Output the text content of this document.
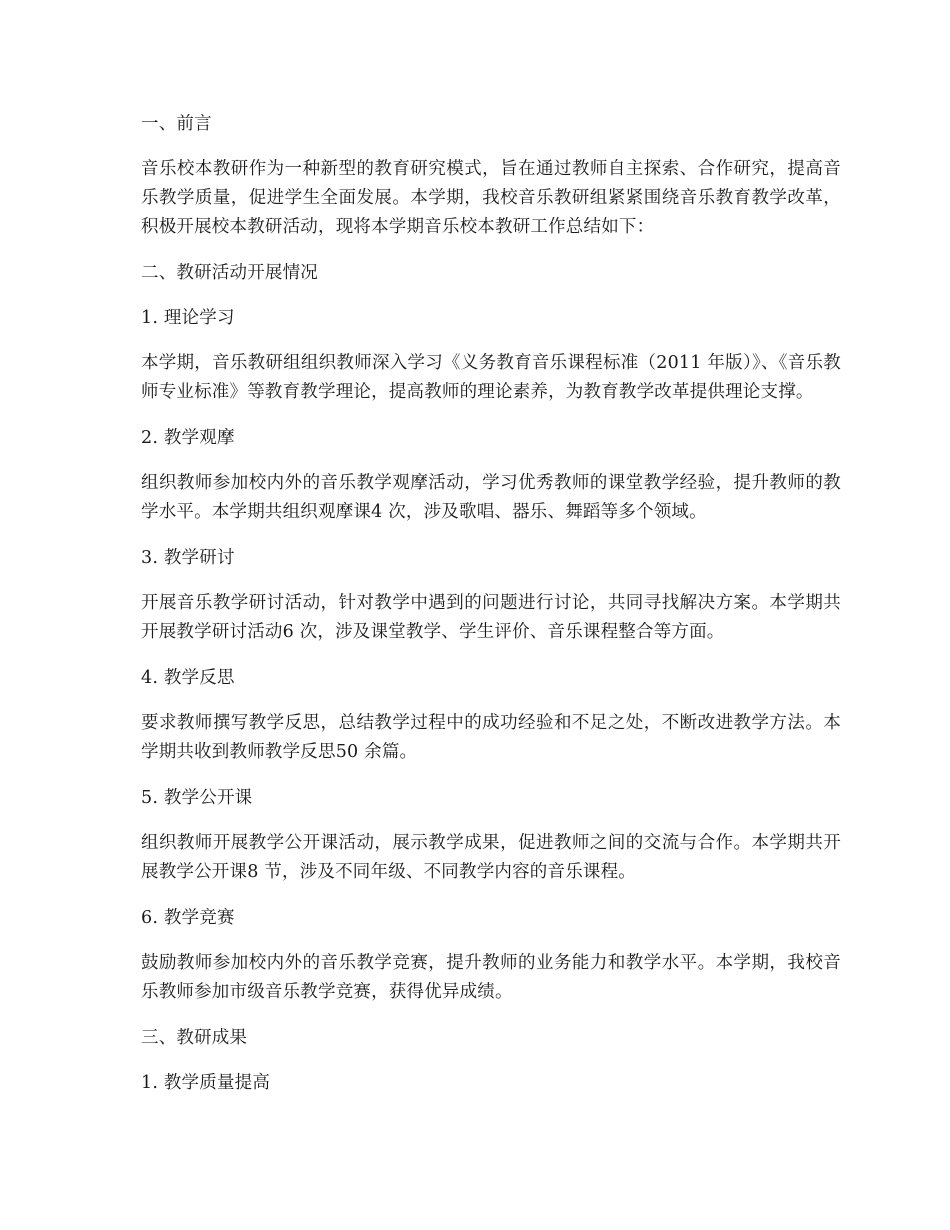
一、前言

音乐校本教研作为一种新型的教育研究模式，旨在通过教师自主探索、合作研究，提高音乐教学质量，促进学生全面发展。本学期，我校音乐教研组紧紧围绕音乐教育教学改革，积极开展校本教研活动，现将本学期音乐校本教研工作总结如下：

二、教研活动开展情况

1. 理论学习

本学期，音乐教研组组织教师深入学习《义务教育音乐课程标准（2011 年版）》、《音乐教师专业标准》等教育教学理论，提高教师的理论素养，为教育教学改革提供理论支撑。

2. 教学观摩

组织教师参加校内外的音乐教学观摩活动，学习优秀教师的课堂教学经验，提升教师的教学水平。本学期共组织观摩课4 次，涉及歌唱、器乐、舞蹈等多个领域。

3. 教学研讨

开展音乐教学研讨活动，针对教学中遇到的问题进行讨论，共同寻找解决方案。本学期共开展教学研讨活动6 次，涉及课堂教学、学生评价、音乐课程整合等方面。

4. 教学反思

要求教师撰写教学反思，总结教学过程中的成功经验和不足之处，不断改进教学方法。本学期共收到教师教学反思50 余篇。

5. 教学公开课

组织教师开展教学公开课活动，展示教学成果，促进教师之间的交流与合作。本学期共开展教学公开课8 节，涉及不同年级、不同教学内容的音乐课程。

6. 教学竞赛

鼓励教师参加校内外的音乐教学竞赛，提升教师的业务能力和教学水平。本学期，我校音乐教师参加市级音乐教学竞赛，获得优异成绩。

三、教研成果

1. 教学质量提高
